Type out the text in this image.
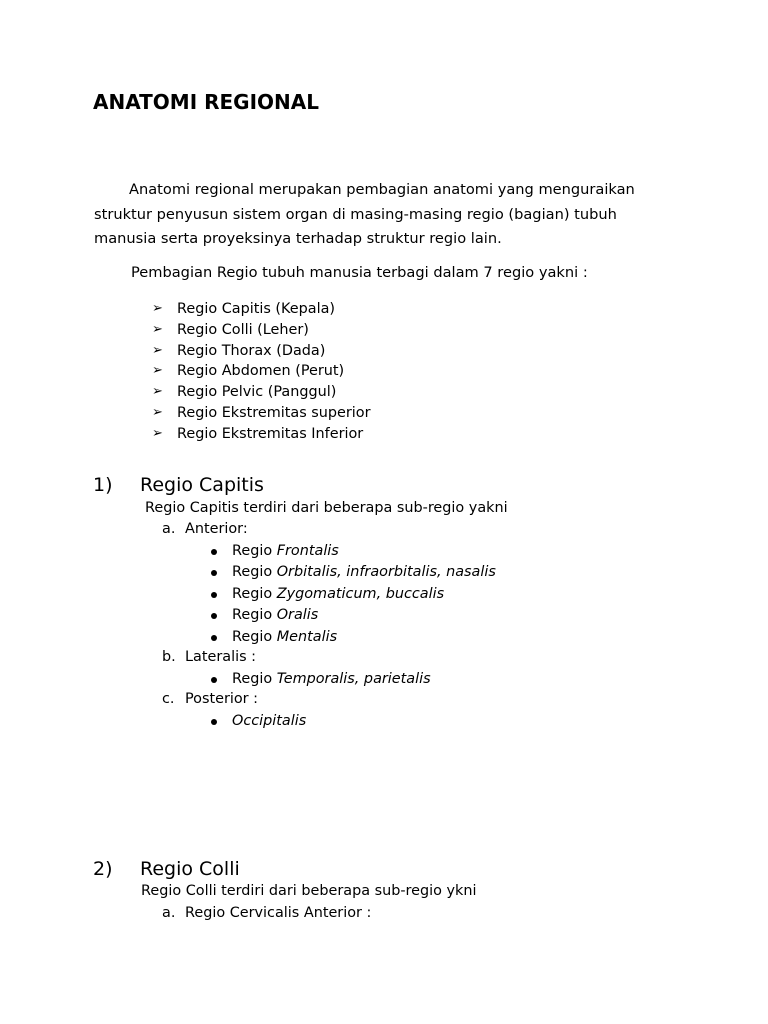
ANATOMI REGIONAL
Anatomi regional merupakan pembagian anatomi yang menguraikan struktur penyusun sistem organ di masing-masing regio (bagian) tubuh manusia serta proyeksinya terhadap struktur regio lain.
Pembagian Regio tubuh manusia terbagi dalam 7 regio yakni :
➢ Regio Capitis (Kepala)
➢ Regio Colli (Leher)
➢ Regio Thorax (Dada)
➢ Regio Abdomen (Perut)
➢ Regio Pelvic (Panggul)
➢ Regio Ekstremitas superior
➢ Regio Ekstremitas Inferior
1) Regio Capitis
Regio Capitis terdiri dari beberapa sub-regio yakni
a. Anterior:
Regio Frontalis
Regio Orbitalis, infraorbitalis, nasalis
Regio Zygomaticum, buccalis
Regio Oralis
Regio Mentalis
b. Lateralis :
Regio Temporalis, parietalis
c. Posterior :
Occipitalis
2) Regio Colli
Regio Colli terdiri dari beberapa sub-regio ykni
a. Regio Cervicalis Anterior :
